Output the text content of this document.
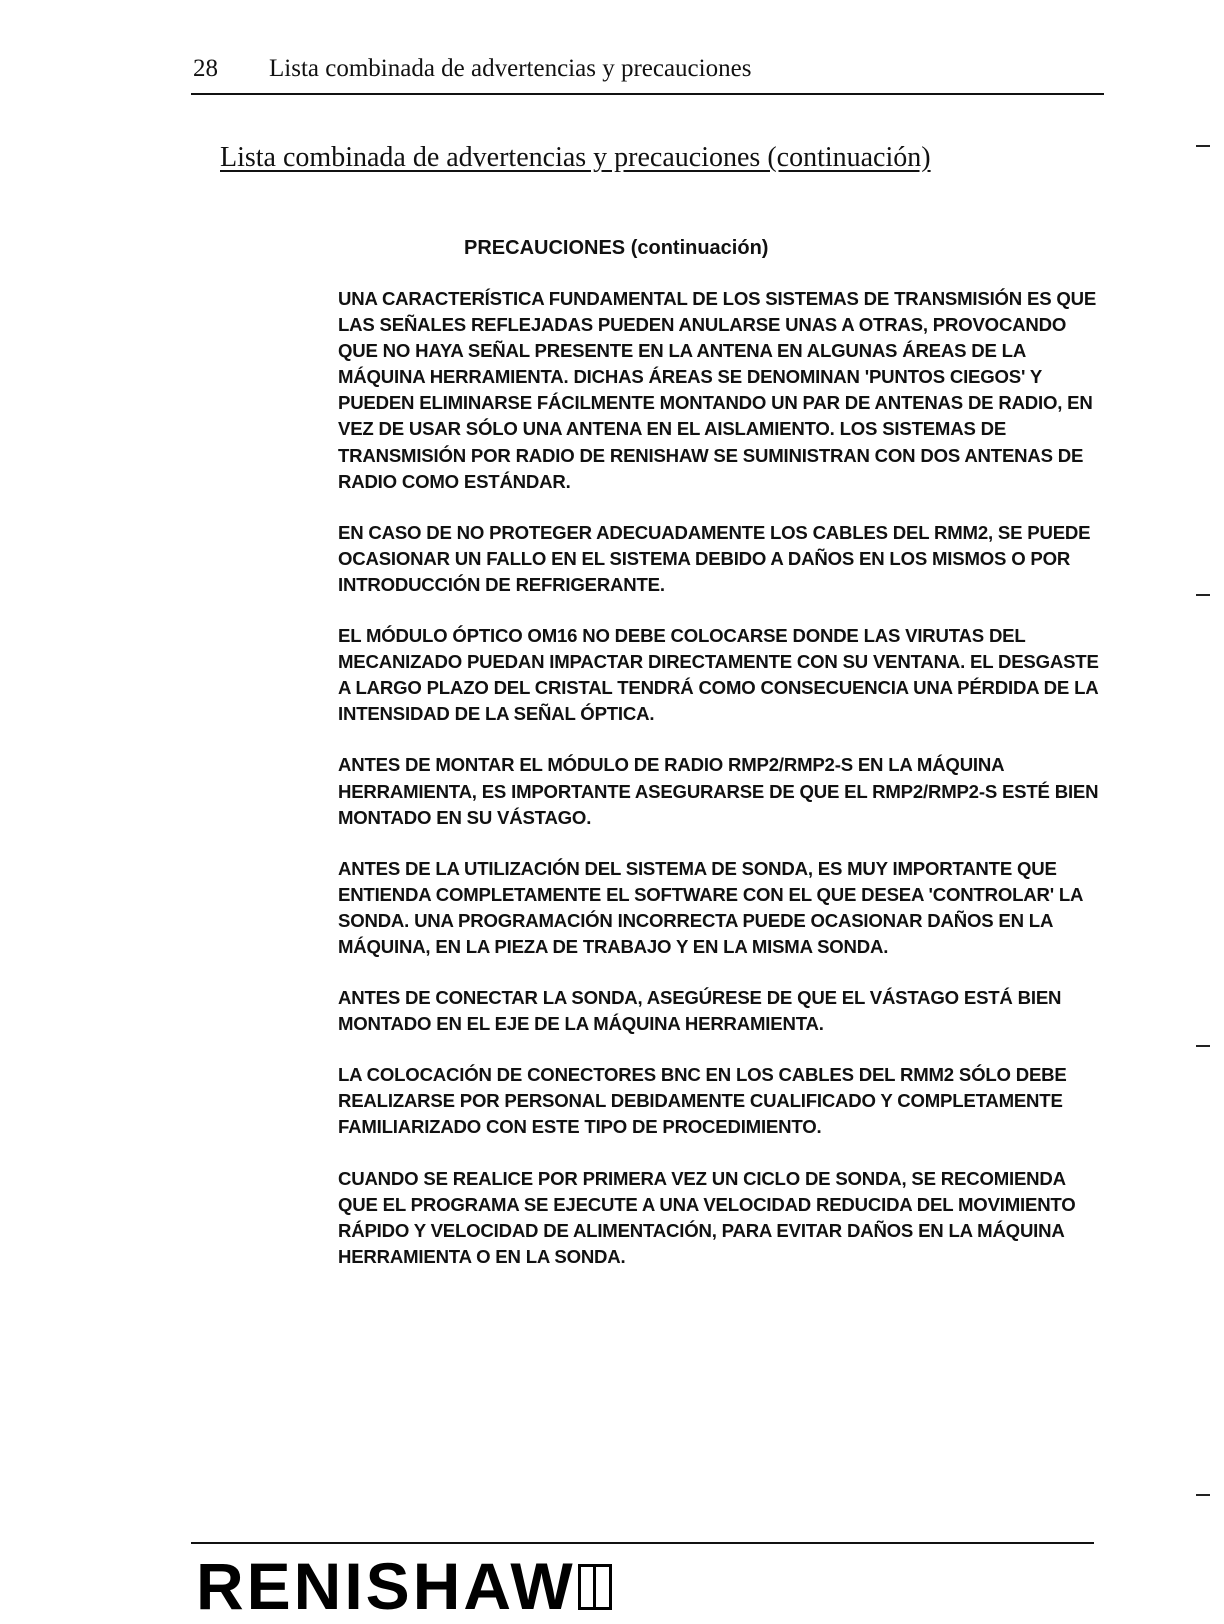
28 Lista combinada de advertencias y precauciones
Lista combinada de advertencias y precauciones (continuación)
PRECAUCIONES (continuación)

UNA CARACTERÍSTICA FUNDAMENTAL DE LOS SISTEMAS DE TRANSMISIÓN ES QUE LAS SEÑALES REFLEJADAS PUEDEN ANULARSE UNAS A OTRAS, PROVOCANDO QUE NO HAYA SEÑAL PRESENTE EN LA ANTENA EN ALGUNAS ÁREAS DE LA MÁQUINA HERRAMIENTA. DICHAS ÁREAS SE DENOMINAN 'PUNTOS CIEGOS' Y PUEDEN ELIMINARSE FÁCILMENTE MONTANDO UN PAR DE ANTENAS DE RADIO, EN VEZ DE USAR SÓLO UNA ANTENA EN EL AISLAMIENTO. LOS SISTEMAS DE TRANSMISIÓN POR RADIO DE RENISHAW SE SUMINISTRAN CON DOS ANTENAS DE RADIO COMO ESTÁNDAR.

EN CASO DE NO PROTEGER ADECUADAMENTE LOS CABLES DEL RMM2, SE PUEDE OCASIONAR UN FALLO EN EL SISTEMA DEBIDO A DAÑOS EN LOS MISMOS O POR INTRODUCCIÓN DE REFRIGERANTE.

EL MÓDULO ÓPTICO OM16 NO DEBE COLOCARSE DONDE LAS VIRUTAS DEL MECANIZADO PUEDAN IMPACTAR DIRECTAMENTE CON SU VENTANA. EL DESGASTE A LARGO PLAZO DEL CRISTAL TENDRÁ COMO CONSECUENCIA UNA PÉRDIDA DE LA INTENSIDAD DE LA SEÑAL ÓPTICA.

ANTES DE MONTAR EL MÓDULO DE RADIO RMP2/RMP2-S EN LA MÁQUINA HERRAMIENTA, ES IMPORTANTE ASEGURARSE DE QUE EL RMP2/RMP2-S ESTÉ BIEN MONTADO EN SU VÁSTAGO.

ANTES DE LA UTILIZACIÓN DEL SISTEMA DE SONDA, ES MUY IMPORTANTE QUE ENTIENDA COMPLETAMENTE EL SOFTWARE CON EL QUE DESEA 'CONTROLAR' LA SONDA. UNA PROGRAMACIÓN INCORRECTA PUEDE OCASIONAR DAÑOS EN LA MÁQUINA, EN LA PIEZA DE TRABAJO Y EN LA MISMA SONDA.

ANTES DE CONECTAR LA SONDA, ASEGÚRESE DE QUE EL VÁSTAGO ESTÁ BIEN MONTADO EN EL EJE DE LA MÁQUINA HERRAMIENTA.

LA COLOCACIÓN DE CONECTORES BNC EN LOS CABLES DEL RMM2 SÓLO DEBE REALIZARSE POR PERSONAL DEBIDAMENTE CUALIFICADO Y COMPLETAMENTE FAMILIARIZADO CON ESTE TIPO DE PROCEDIMIENTO.

CUANDO SE REALICE POR PRIMERA VEZ UN CICLO DE SONDA, SE RECOMIENDA QUE EL PROGRAMA SE EJECUTE A UNA VELOCIDAD REDUCIDA DEL MOVIMIENTO RÁPIDO Y VELOCIDAD DE ALIMENTACIÓN, PARA EVITAR DAÑOS EN LA MÁQUINA HERRAMIENTA O EN LA SONDA.

RENISHAW
